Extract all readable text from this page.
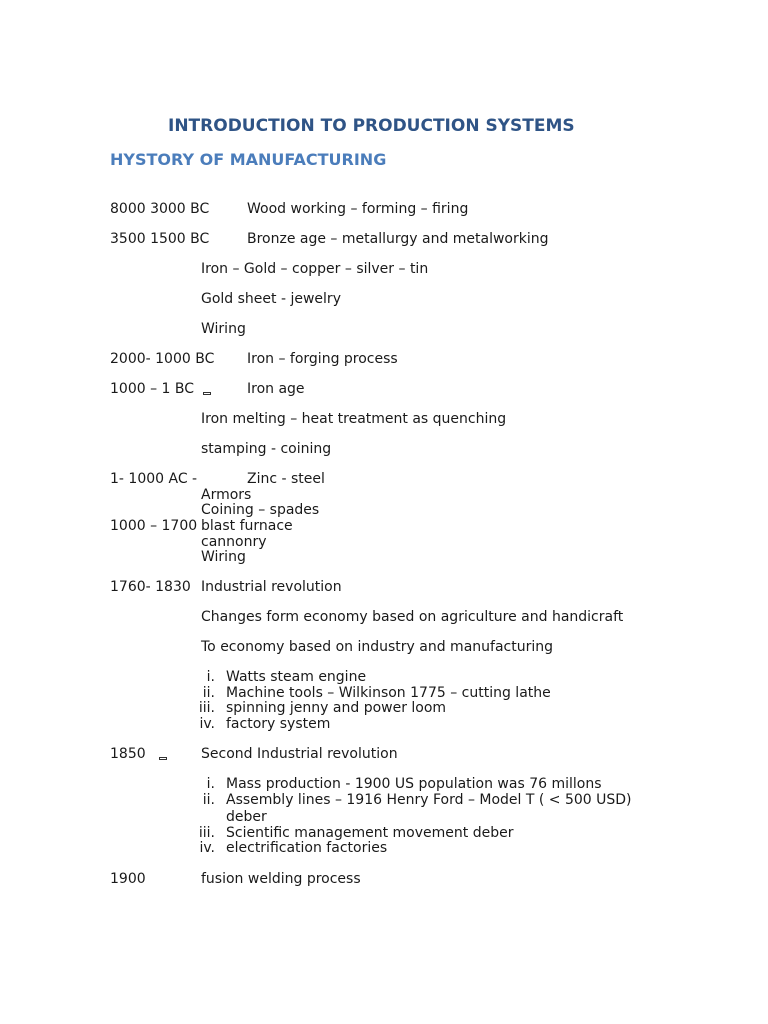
INTRODUCTION TO PRODUCTION SYSTEMS
HYSTORY OF MANUFACTURING
8000 3000 BC	Wood working – forming – firing
3500 1500 BC	Bronze age – metallurgy and metalworking
Iron – Gold – copper – silver – tin
Gold sheet - jewelry
Wiring
2000- 1000 BC Iron – forging process
1000 – 1 BC	Iron age
Iron melting – heat treatment as quenching
stamping - coining
1- 1000 AC -	Zinc - steel
Armors
Coining – spades
1000 – 1700 blast furnace
cannonry
Wiring
1760- 1830 Industrial revolution
Changes form economy based on agriculture and handicraft
To economy based on industry and manufacturing
i. Watts steam engine
ii. Machine tools – Wilkinson 1775 – cutting lathe
iii. spinning jenny and power loom
iv. factory system
1850	Second Industrial revolution
i. Mass production - 1900 US population was 76 millons
ii. Assembly lines – 1916 Henry Ford – Model T ( < 500 USD)
deber
iii. Scientific management movement deber
iv. electrification factories
1900	fusion welding process
